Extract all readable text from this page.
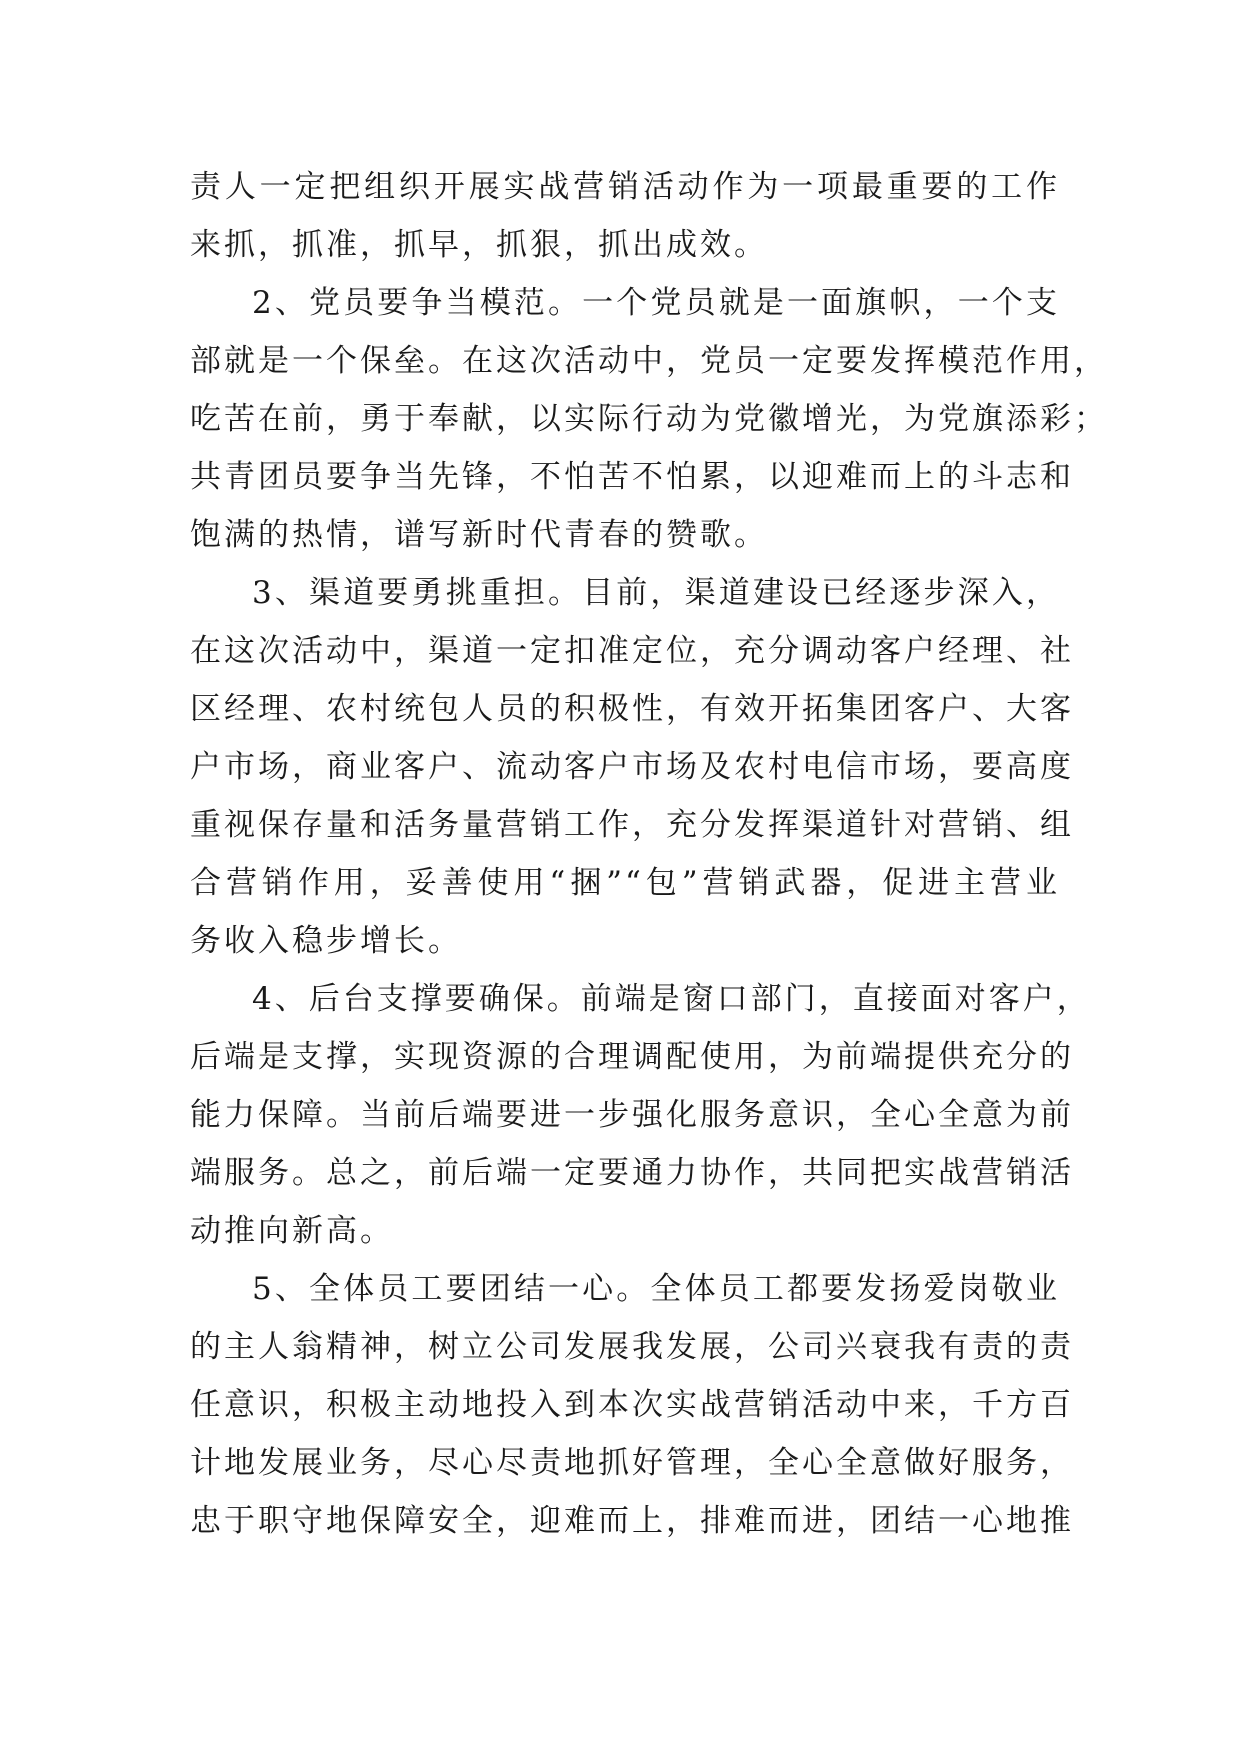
责人一定把组织开展实战营销活动作为一项最重要的工作
来抓，抓准，抓早，抓狠，抓出成效。
2、党员要争当模范。一个党员就是一面旗帜，一个支
部就是一个保垒。在这次活动中，党员一定要发挥模范作用，
吃苦在前，勇于奉献，以实际行动为党徽增光，为党旗添彩；
共青团员要争当先锋，不怕苦不怕累，以迎难而上的斗志和
饱满的热情，谱写新时代青春的赞歌。
3、渠道要勇挑重担。目前，渠道建设已经逐步深入，
在这次活动中，渠道一定扣准定位，充分调动客户经理、社
区经理、农村统包人员的积极性，有效开拓集团客户、大客
户市场，商业客户、流动客户市场及农村电信市场，要高度
重视保存量和活务量营销工作，充分发挥渠道针对营销、组
合营销作用，妥善使用“捆”“包”营销武器，促进主营业
务收入稳步增长。
4、后台支撑要确保。前端是窗口部门，直接面对客户，
后端是支撑，实现资源的合理调配使用，为前端提供充分的
能力保障。当前后端要进一步强化服务意识，全心全意为前
端服务。总之，前后端一定要通力协作，共同把实战营销活
动推向新高。
5、全体员工要团结一心。全体员工都要发扬爱岗敬业
的主人翁精神，树立公司发展我发展，公司兴衰我有责的责
任意识，积极主动地投入到本次实战营销活动中来，千方百
计地发展业务，尽心尽责地抓好管理，全心全意做好服务，
忠于职守地保障安全，迎难而上，排难而进，团结一心地推
